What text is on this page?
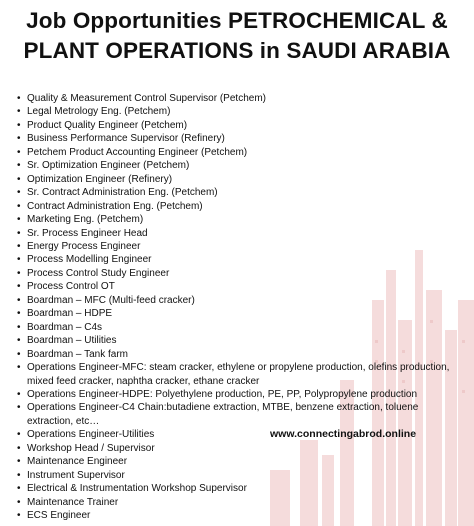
Job Opportunities PETROCHEMICAL &
PLANT OPERATIONS in SAUDI ARABIA
• Quality & Measurement Control Supervisor (Petchem)
• Legal Metrology Eng. (Petchem)
• Product Quality Engineer (Petchem)
• Business Performance Supervisor (Refinery)
• Petchem Product Accounting Engineer (Petchem)
• Sr. Optimization Engineer (Petchem)
• Optimization Engineer (Refinery)
• Sr. Contract Administration Eng. (Petchem)
• Contract Administration Eng. (Petchem)
• Marketing Eng. (Petchem)
• Sr. Process Engineer Head
• Energy Process Engineer
• Process Modelling Engineer
• Process Control Study Engineer
• Process Control OT
• Boardman – MFC (Multi-feed cracker)
• Boardman – HDPE
• Boardman – C4s
• Boardman – Utilities
• Boardman – Tank farm
• Operations Engineer-MFC: steam cracker, ethylene or propylene production, olefins production, mixed feed cracker, naphtha cracker, ethane cracker
• Operations Engineer-HDPE: Polyethylene production, PE, PP, Polypropylene production
• Operations Engineer-C4 Chain:butadiene extraction, MTBE, benzene extraction, toluene extraction, etc…
• Operations Engineer-Utilities
• Workshop Head / Supervisor
• Maintenance Engineer
• Instrument Supervisor
• Electrical & Instrumentation Workshop Supervisor
• Maintenance Trainer
• ECS Engineer
www.connectingabrod.online
